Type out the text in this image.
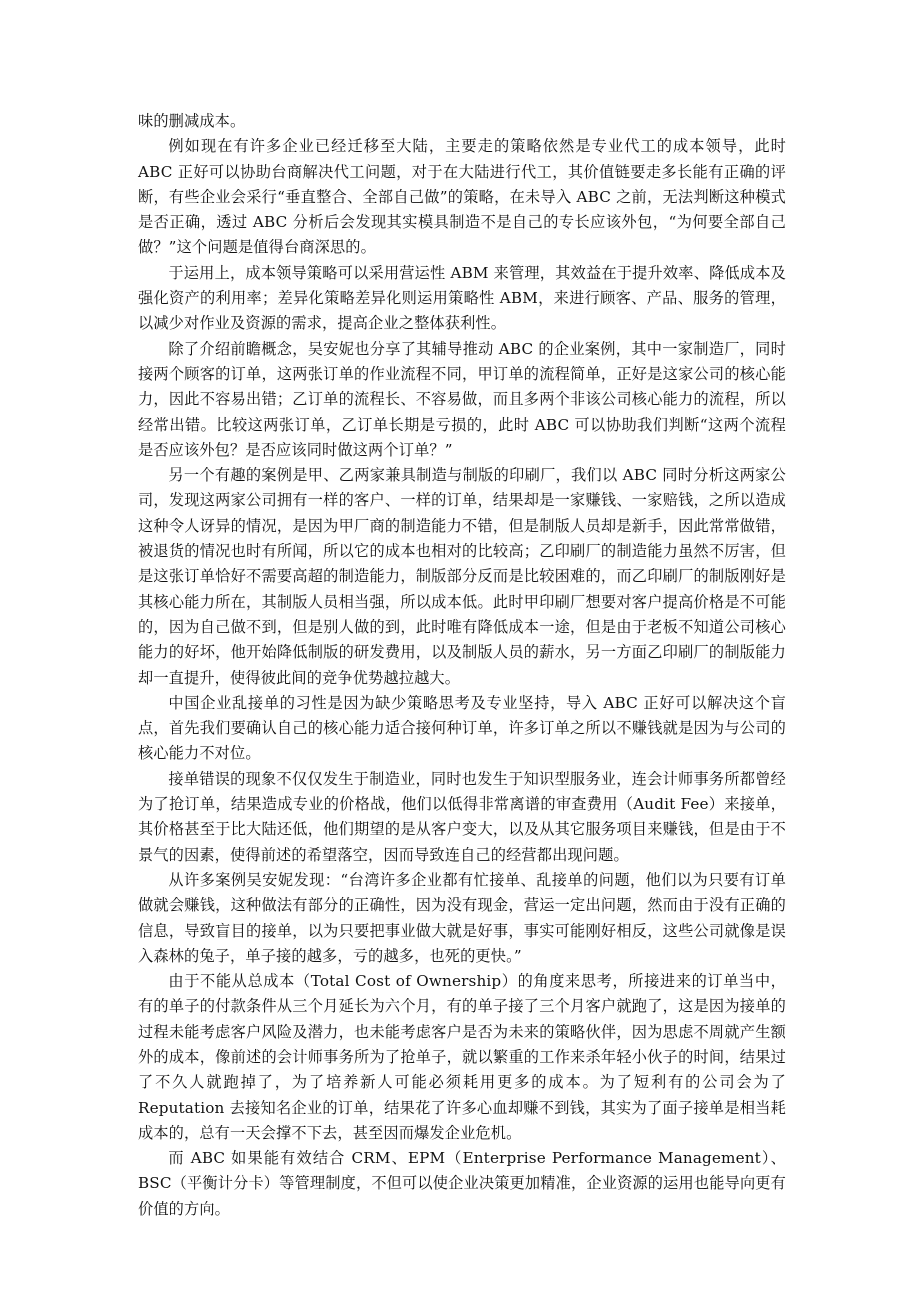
味的删减成本。

例如现在有许多企业已经迁移至大陆，主要走的策略依然是专业代工的成本领导，此时 ABC 正好可以协助台商解决代工问题，对于在大陆进行代工，其价值链要走多长能有正确的评断，有些企业会采行“垂直整合、全部自己做”的策略，在未导入 ABC 之前，无法判断这种模式是否正确，透过 ABC 分析后会发现其实模具制造不是自己的专长应该外包，“为何要全部自己做？”这个问题是值得台商深思的。

于运用上，成本领导策略可以采用营运性 ABM 来管理，其效益在于提升效率、降低成本及强化资产的利用率；差异化策略差异化则运用策略性 ABM，来进行顾客、产品、服务的管理，以减少对作业及资源的需求，提高企业之整体获利性。

除了介绍前瞻概念，吴安妮也分享了其辅导推动 ABC 的企业案例，其中一家制造厂，同时接两个顾客的订单，这两张订单的作业流程不同，甲订单的流程简单，正好是这家公司的核心能力，因此不容易出错；乙订单的流程长、不容易做，而且多两个非该公司核心能力的流程，所以经常出错。比较这两张订单，乙订单长期是亏损的，此时 ABC 可以协助我们判断“这两个流程是否应该外包？是否应该同时做这两个订单？”

另一个有趣的案例是甲、乙两家兼具制造与制版的印刷厂，我们以 ABC 同时分析这两家公司，发现这两家公司拥有一样的客户、一样的订单，结果却是一家赚钱、一家赔钱，之所以造成这种令人讶异的情况，是因为甲厂商的制造能力不错，但是制版人员却是新手，因此常常做错，被退货的情况也时有所闻，所以它的成本也相对的比较高；乙印刷厂的制造能力虽然不厉害，但是这张订单恰好不需要高超的制造能力，制版部分反而是比较困难的，而乙印刷厂的制版刚好是其核心能力所在，其制版人员相当强，所以成本低。此时甲印刷厂想要对客户提高价格是不可能的，因为自己做不到，但是别人做的到，此时唯有降低成本一途，但是由于老板不知道公司核心能力的好坏，他开始降低制版的研发费用，以及制版人员的薪水，另一方面乙印刷厂的制版能力却一直提升，使得彼此间的竞争优势越拉越大。

中国企业乱接单的习性是因为缺少策略思考及专业坚持，导入 ABC 正好可以解决这个盲点，首先我们要确认自己的核心能力适合接何种订单，许多订单之所以不赚钱就是因为与公司的核心能力不对位。

接单错误的现象不仅仅发生于制造业，同时也发生于知识型服务业，连会计师事务所都曾经为了抢订单，结果造成专业的价格战，他们以低得非常离谱的审查费用（Audit Fee）来接单，其价格甚至于比大陆还低，他们期望的是从客户变大，以及从其它服务项目来赚钱，但是由于不景气的因素，使得前述的希望落空，因而导致连自己的经营都出现问题。

从许多案例吴安妮发现：“台湾许多企业都有忙接单、乱接单的问题，他们以为只要有订单做就会赚钱，这种做法有部分的正确性，因为没有现金，营运一定出问题，然而由于没有正确的信息，导致盲目的接单，以为只要把事业做大就是好事，事实可能刚好相反，这些公司就像是误入森林的兔子，单子接的越多，亏的越多，也死的更快。”

由于不能从总成本（Total Cost of Ownership）的角度来思考，所接进来的订单当中，有的单子的付款条件从三个月延长为六个月，有的单子接了三个月客户就跑了，这是因为接单的过程未能考虑客户风险及潜力，也未能考虑客户是否为未来的策略伙伴，因为思虑不周就产生额外的成本，像前述的会计师事务所为了抢单子，就以繁重的工作来杀年轻小伙子的时间，结果过了不久人就跑掉了，为了培养新人可能必须耗用更多的成本。为了短利有的公司会为了 Reputation 去接知名企业的订单，结果花了许多心血却赚不到钱，其实为了面子接单是相当耗成本的，总有一天会撑不下去，甚至因而爆发企业危机。

而 ABC 如果能有效结合 CRM、EPM（Enterprise Performance Management）、BSC（平衡计分卡）等管理制度，不但可以使企业决策更加精准，企业资源的运用也能导向更有价值的方向。
